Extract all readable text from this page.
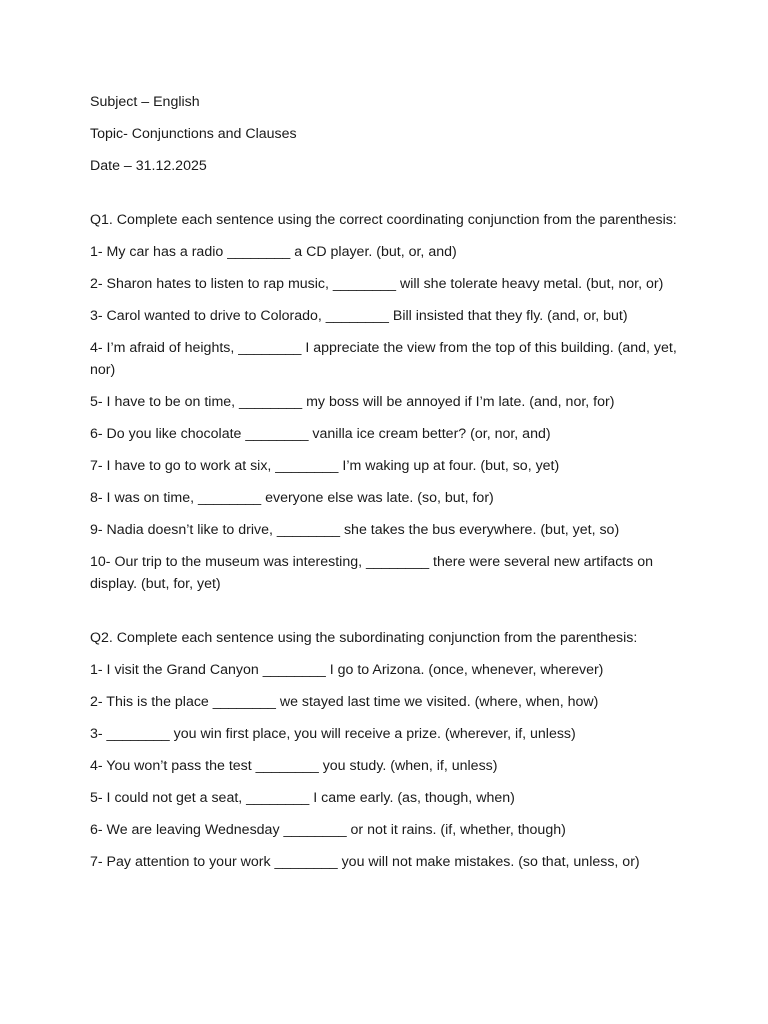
Subject – English

Topic- Conjunctions and Clauses

Date – 31.12.2025

Q1. Complete each sentence using the correct coordinating conjunction from the parenthesis:

1- My car has a radio ________ a CD player. (but, or, and)

2- Sharon hates to listen to rap music, ________ will she tolerate heavy metal. (but, nor, or)

3- Carol wanted to drive to Colorado, ________ Bill insisted that they fly. (and, or, but)

4- I’m afraid of heights, ________ I appreciate the view from the top of this building. (and, yet, nor)

5- I have to be on time, ________ my boss will be annoyed if I’m late. (and, nor, for)

6- Do you like chocolate ________ vanilla ice cream better? (or, nor, and)

7- I have to go to work at six, ________ I’m waking up at four. (but, so, yet)

8- I was on time, ________ everyone else was late. (so, but, for)

9- Nadia doesn’t like to drive, ________ she takes the bus everywhere. (but, yet, so)

10- Our trip to the museum was interesting, ________ there were several new artifacts on display. (but, for, yet)

Q2. Complete each sentence using the subordinating conjunction from the parenthesis:

1- I visit the Grand Canyon ________ I go to Arizona. (once, whenever, wherever)

2- This is the place ________ we stayed last time we visited. (where, when, how)

3- ________ you win first place, you will receive a prize. (wherever, if, unless)

4- You won’t pass the test ________ you study. (when, if, unless)

5- I could not get a seat, ________ I came early. (as, though, when)

6- We are leaving Wednesday ________ or not it rains. (if, whether, though)

7- Pay attention to your work ________ you will not make mistakes. (so that, unless, or)
